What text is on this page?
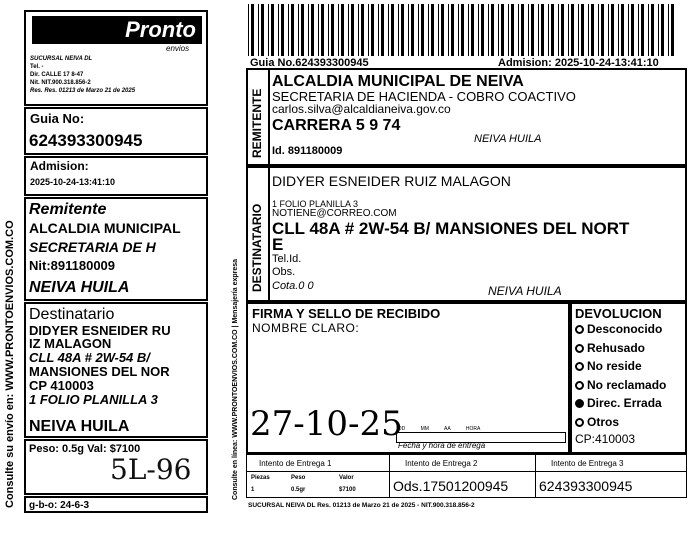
Consulte su envío en: WWW.PRONTOENVIOS.COM.CO
Pronto
envios
SUCURSAL NEIVA DL
Tel. -
Dir. CALLE 17 8-47
Nit. NIT.900.318.856-2
Res. Res. 01213 de Marzo 21 de 2025
Guia No:
624393300945
Admision:
2025-10-24-13:41:10
Remitente
ALCALDIA MUNICIPAL
SECRETARIA DE H
Nit:891180009
NEIVA HUILA
Destinatario
DIDYER ESNEIDER RU
IZ MALAGON
CLL 48A # 2W-54 B/
MANSIONES DEL NOR
CP 410003
1 FOLIO PLANILLA 3
NEIVA HUILA
Peso: 0.5g Val: $7100
5L-96
g-b-o: 24-6-3
Consulte en línea: WWW.PRONTOENVIOS.COM.CO | Mensajería expresa
Guia No.624393300945	Admision: 2025-10-24-13:41:10
REMITENTE
ALCALDIA MUNICIPAL DE NEIVA
SECRETARIA DE HACIENDA - COBRO COACTIVO
carlos.silva@alcaldianeiva.gov.co
CARRERA 5 9 74
NEIVA HUILA
Id. 891180009
DESTINATARIO
DIDYER ESNEIDER RUIZ MALAGON
1 FOLIO PLANILLA 3
NOTIENE@CORREO.COM
CLL 48A # 2W-54 B/ MANSIONES DEL NORT
E
Tel.Id.
Obs.
Cota.0 0	NEIVA HUILA
FIRMA Y SELLO DE RECIBIDO
NOMBRE CLARO:
27-10-25
DD MM AA HORA
Fecha y hora de entrega
DEVOLUCION
Desconocido
Rehusado
No reside
No reclamado
Direc. Errada
Otros
CP:410003
Intento de Entrega 1	Intento de Entrega 2	Intento de Entrega 3
Piezas	Peso	Valor
1	0.5gr	$7100	Ods.17501200945 624393300945
SUCURSAL NEIVA DL Res. 01213 de Marzo 21 de 2025 - NIT.900.318.856-2
